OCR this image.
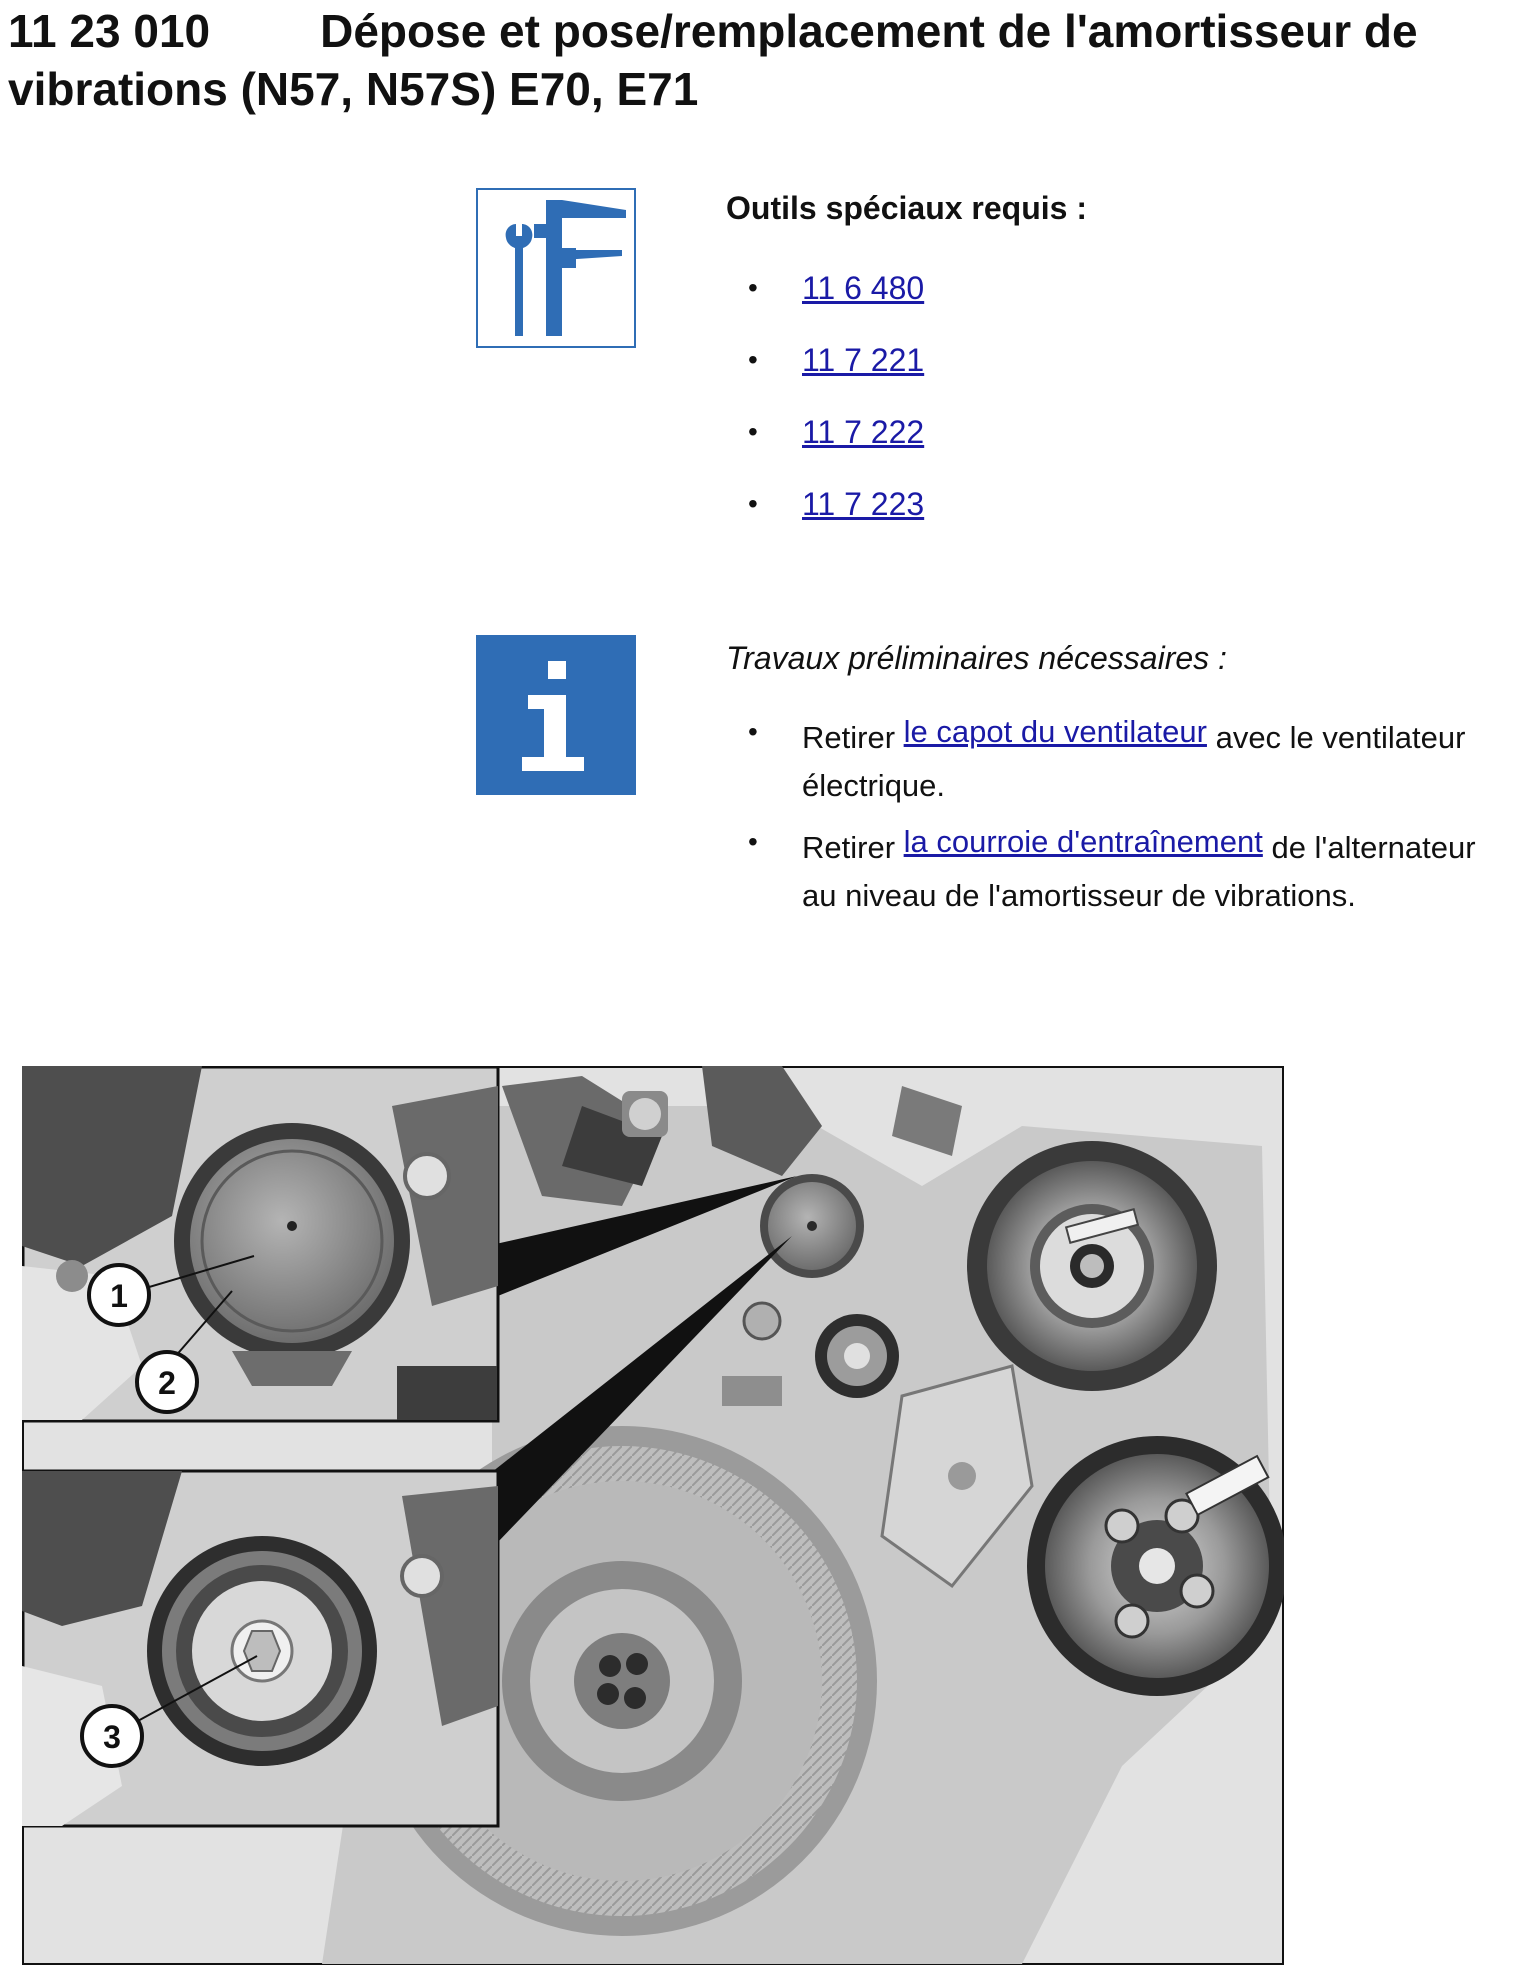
11 23 010 Dépose et pose/remplacement de l'amortisseur de vibrations (N57, N57S) E70, E71
Outils spéciaux requis :
• 11 6 480
• 11 7 221
• 11 7 222
• 11 7 223
Travaux préliminaires nécessaires :
• Retirer le capot du ventilateur avec le ventilateur électrique.
• Retirer la courroie d'entraînement de l'alternateur au niveau de l'amortisseur de vibrations.
1
2
3
